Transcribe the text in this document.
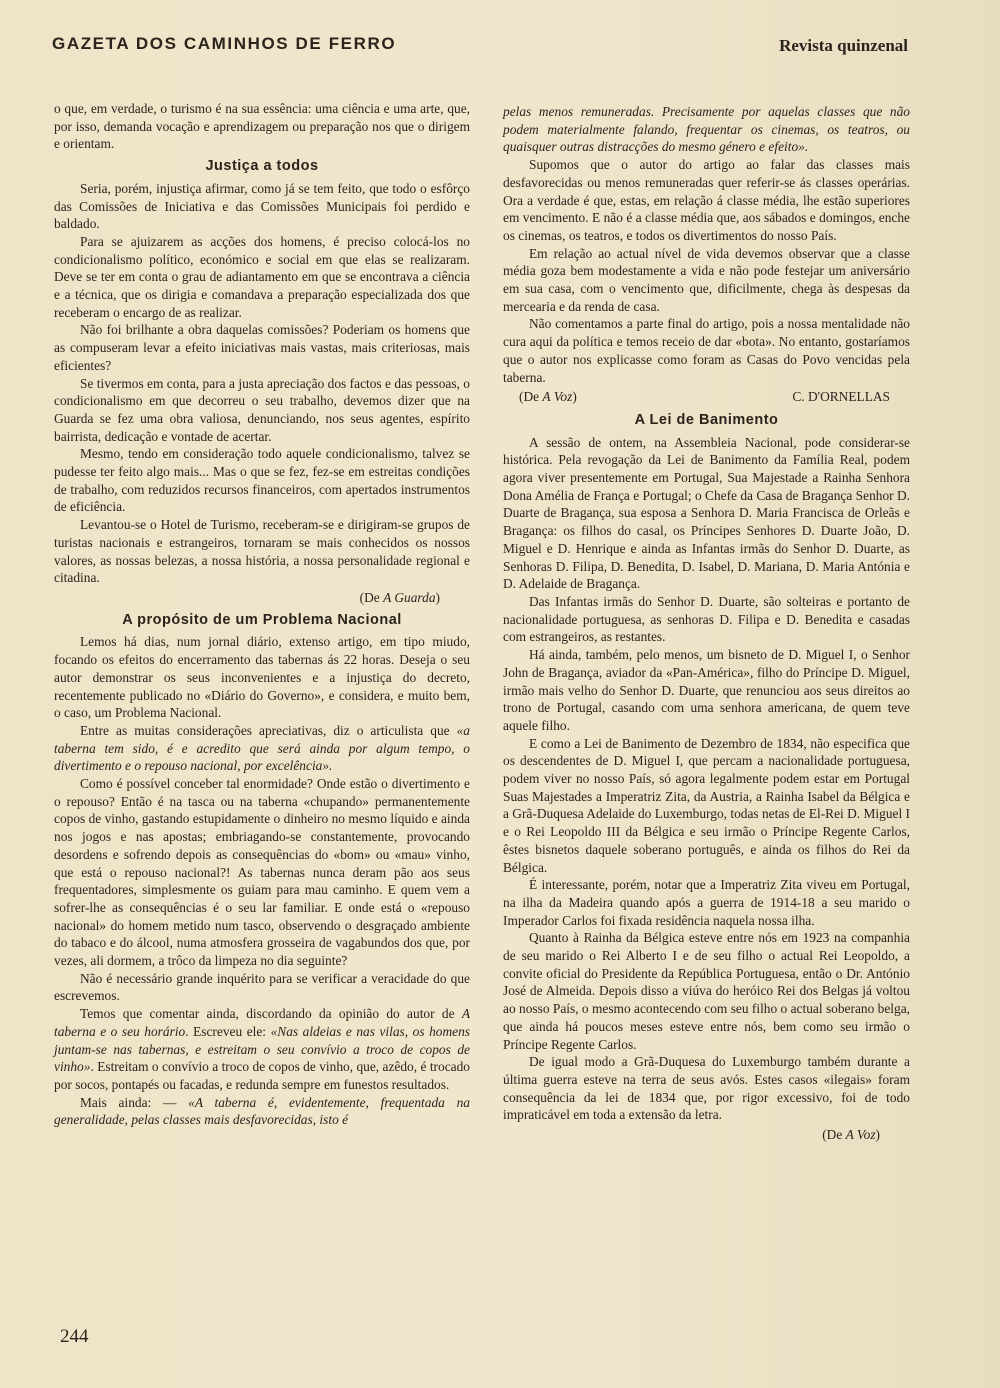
GAZETA DOS CAMINHOS DE FERRO	Revista quinzenal

o que, em verdade, o turismo é na sua essência: uma ciência e uma arte, que, por isso, demanda vocação e aprendizagem ou preparação nos que o dirigem e orientam.

Justiça a todos

Seria, porém, injustiça afirmar, como já se tem feito, que todo o esfôrço das Comissões de Iniciativa e das Comissões Municipais foi perdido e baldado.

Para se ajuizarem as acções dos homens, é preciso colocá-los no condicionalismo político, económico e social em que elas se realizaram. Deve se ter em conta o grau de adiantamento em que se encontrava a ciência e a técnica, que os dirigia e comandava a preparação especializada dos que receberam o encargo de as realizar.

Não foi brilhante a obra daquelas comissões? Poderiam os homens que as compuseram levar a efeito iniciativas mais vastas, mais criteriosas, mais eficientes?

Se tivermos em conta, para a justa apreciação dos factos e das pessoas, o condicionalismo em que decorreu o seu trabalho, devemos dizer que na Guarda se fez uma obra valiosa, denunciando, nos seus agentes, espírito bairrista, dedicação e vontade de acertar.

Mesmo, tendo em consideração todo aquele condicionalismo, talvez se pudesse ter feito algo mais... Mas o que se fez, fez-se em estreitas condições de trabalho, com reduzidos recursos financeiros, com apertados instrumentos de eficiência.

Levantou-se o Hotel de Turismo, receberam-se e dirigiram-se grupos de turistas nacionais e estrangeiros, tornaram se mais conhecidos os nossos valores, as nossas belezas, a nossa história, a nossa personalidade regional e citadina.

(De A Guarda)
A propósito de um Problema Nacional

Lemos há dias, num jornal diário, extenso artigo, em tipo miudo, focando os efeitos do encerramento das tabernas ás 22 horas. Deseja o seu autor demonstrar os seus inconvenientes e a injustiça do decreto, recentemente publicado no «Diário do Governo», e considera, e muito bem, o caso, um Problema Nacional.

Entre as muitas considerações apreciativas, diz o articulista que «a taberna tem sido, é e acredito que será ainda por algum tempo, o divertimento e o repouso nacional, por excelência».

Como é possível conceber tal enormidade? Onde estão o divertimento e o repouso? Então é na tasca ou na taberna «chupando» permanentemente copos de vinho, gastando estupidamente o dinheiro no mesmo líquido e ainda nos jogos e nas apostas; embriagando-se constantemente, provocando desordens e sofrendo depois as consequências do «bom» ou «mau» vinho, que está o repouso nacional?! As tabernas nunca deram pão aos seus frequentadores, simplesmente os guiam para mau caminho. E quem vem a sofrer-lhe as consequências é o seu lar familiar. E onde está o «repouso nacional» do homem metido num tasco, observendo o desgraçado ambiente do tabaco e do álcool, numa atmosfera grosseira de vagabundos dos que, por vezes, ali dormem, a trôco da limpeza no dia seguinte?

Não é necessário grande inquérito para se verificar a veracidade do que escrevemos.

Temos que comentar ainda, discordando da opinião do autor de A taberna e o seu horário. Escreveu ele: «Nas aldeias e nas vilas, os homens juntam-se nas tabernas, e estreitam o seu convívio a troco de copos de vinho». Estreitam o convívio a troco de copos de vinho, que, azêdo, é trocado por socos, pontapés ou facadas, e redunda sempre em funestos resultados.

Mais ainda: — «A taberna é, evidentemente, frequentada na generalidade, pelas classes mais desfavorecidas, isto é

pelas menos remuneradas. Precisamente por aquelas classes que não podem materialmente falando, frequentar os cinemas, os teatros, ou quaisquer outras distracções do mesmo género e efeito».

Supomos que o autor do artigo ao falar das classes mais desfavorecidas ou menos remuneradas quer referir-se ás classes operárias. Ora a verdade é que, estas, em relação á classe média, lhe estão superiores em vencimento. E não é a classe média que, aos sábados e domingos, enche os cinemas, os teatros, e todos os divertimentos do nosso País.

Em relação ao actual nível de vida devemos observar que a classe média goza bem modestamente a vida e não pode festejar um aniversário em sua casa, com o vencimento que, dificilmente, chega às despesas da mercearia e da renda de casa.

Não comentamos a parte final do artigo, pois a nossa mentalidade não cura aqui da política e temos receio de dar «bota». No entanto, gostaríamos que o autor nos explicasse como foram as Casas do Povo vencidas pela taberna.

(De A Voz)	C. D'ORNELLAS
A Lei de Banimento

A sessão de ontem, na Assembleia Nacional, pode considerar-se histórica. Pela revogação da Lei de Banimento da Família Real, podem agora viver presentemente em Portugal, Sua Majestade a Rainha Senhora Dona Amélia de França e Portugal; o Chefe da Casa de Bragança Senhor D. Duarte de Bragança, sua esposa a Senhora D. Maria Francisca de Orleãs e Bragança: os filhos do casal, os Príncipes Senhores D. Duarte João, D. Miguel e D. Henrique e ainda as Infantas irmãs do Senhor D. Duarte, as Senhoras D. Filipa, D. Benedita, D. Isabel, D. Mariana, D. Maria Antónia e D. Adelaide de Bragança.

Das Infantas irmãs do Senhor D. Duarte, são solteiras e portanto de nacionalidade portuguesa, as senhoras D. Filipa e D. Benedita e casadas com estrangeiros, as restantes.

Há ainda, também, pelo menos, um bisneto de D. Miguel I, o Senhor John de Bragança, aviador da «Pan-América», filho do Príncipe D. Miguel, irmão mais velho do Senhor D. Duarte, que renunciou aos seus direitos ao trono de Portugal, casando com uma senhora americana, de quem teve aquele filho.

E como a Lei de Banimento de Dezembro de 1834, não especifica que os descendentes de D. Miguel I, que percam a nacionalidade portuguesa, podem viver no nosso País, só agora legalmente podem estar em Portugal Suas Majestades a Imperatriz Zita, da Austria, a Rainha Isabel da Bélgica e a Grã-Duquesa Adelaide do Luxemburgo, todas netas de El-Rei D. Miguel I e o Rei Leopoldo III da Bélgica e seu irmão o Príncipe Regente Carlos, êstes bisnetos daquele soberano português, e ainda os filhos do Rei da Bélgica.

É interessante, porém, notar que a Imperatriz Zita viveu em Portugal, na ilha da Madeira quando após a guerra de 1914-18 a seu marido o Imperador Carlos foi fixada residência naquela nossa ilha.

Quanto à Rainha da Bélgica esteve entre nós em 1923 na companhia de seu marido o Rei Alberto I e de seu filho o actual Rei Leopoldo, a convite oficial do Presidente da República Portuguesa, então o Dr. António José de Almeida. Depois disso a viúva do heróico Rei dos Belgas já voltou ao nosso País, o mesmo acontecendo com seu filho o actual soberano belga, que ainda há poucos meses esteve entre nós, bem como seu irmão o Príncipe Regente Carlos.

De igual modo a Grã-Duquesa do Luxemburgo também durante a última guerra esteve na terra de seus avós. Estes casos «ilegais» foram consequência da lei de 1834 que, por rigor excessivo, foi de todo impraticável em toda a extensão da letra.

(De A Voz)
244
